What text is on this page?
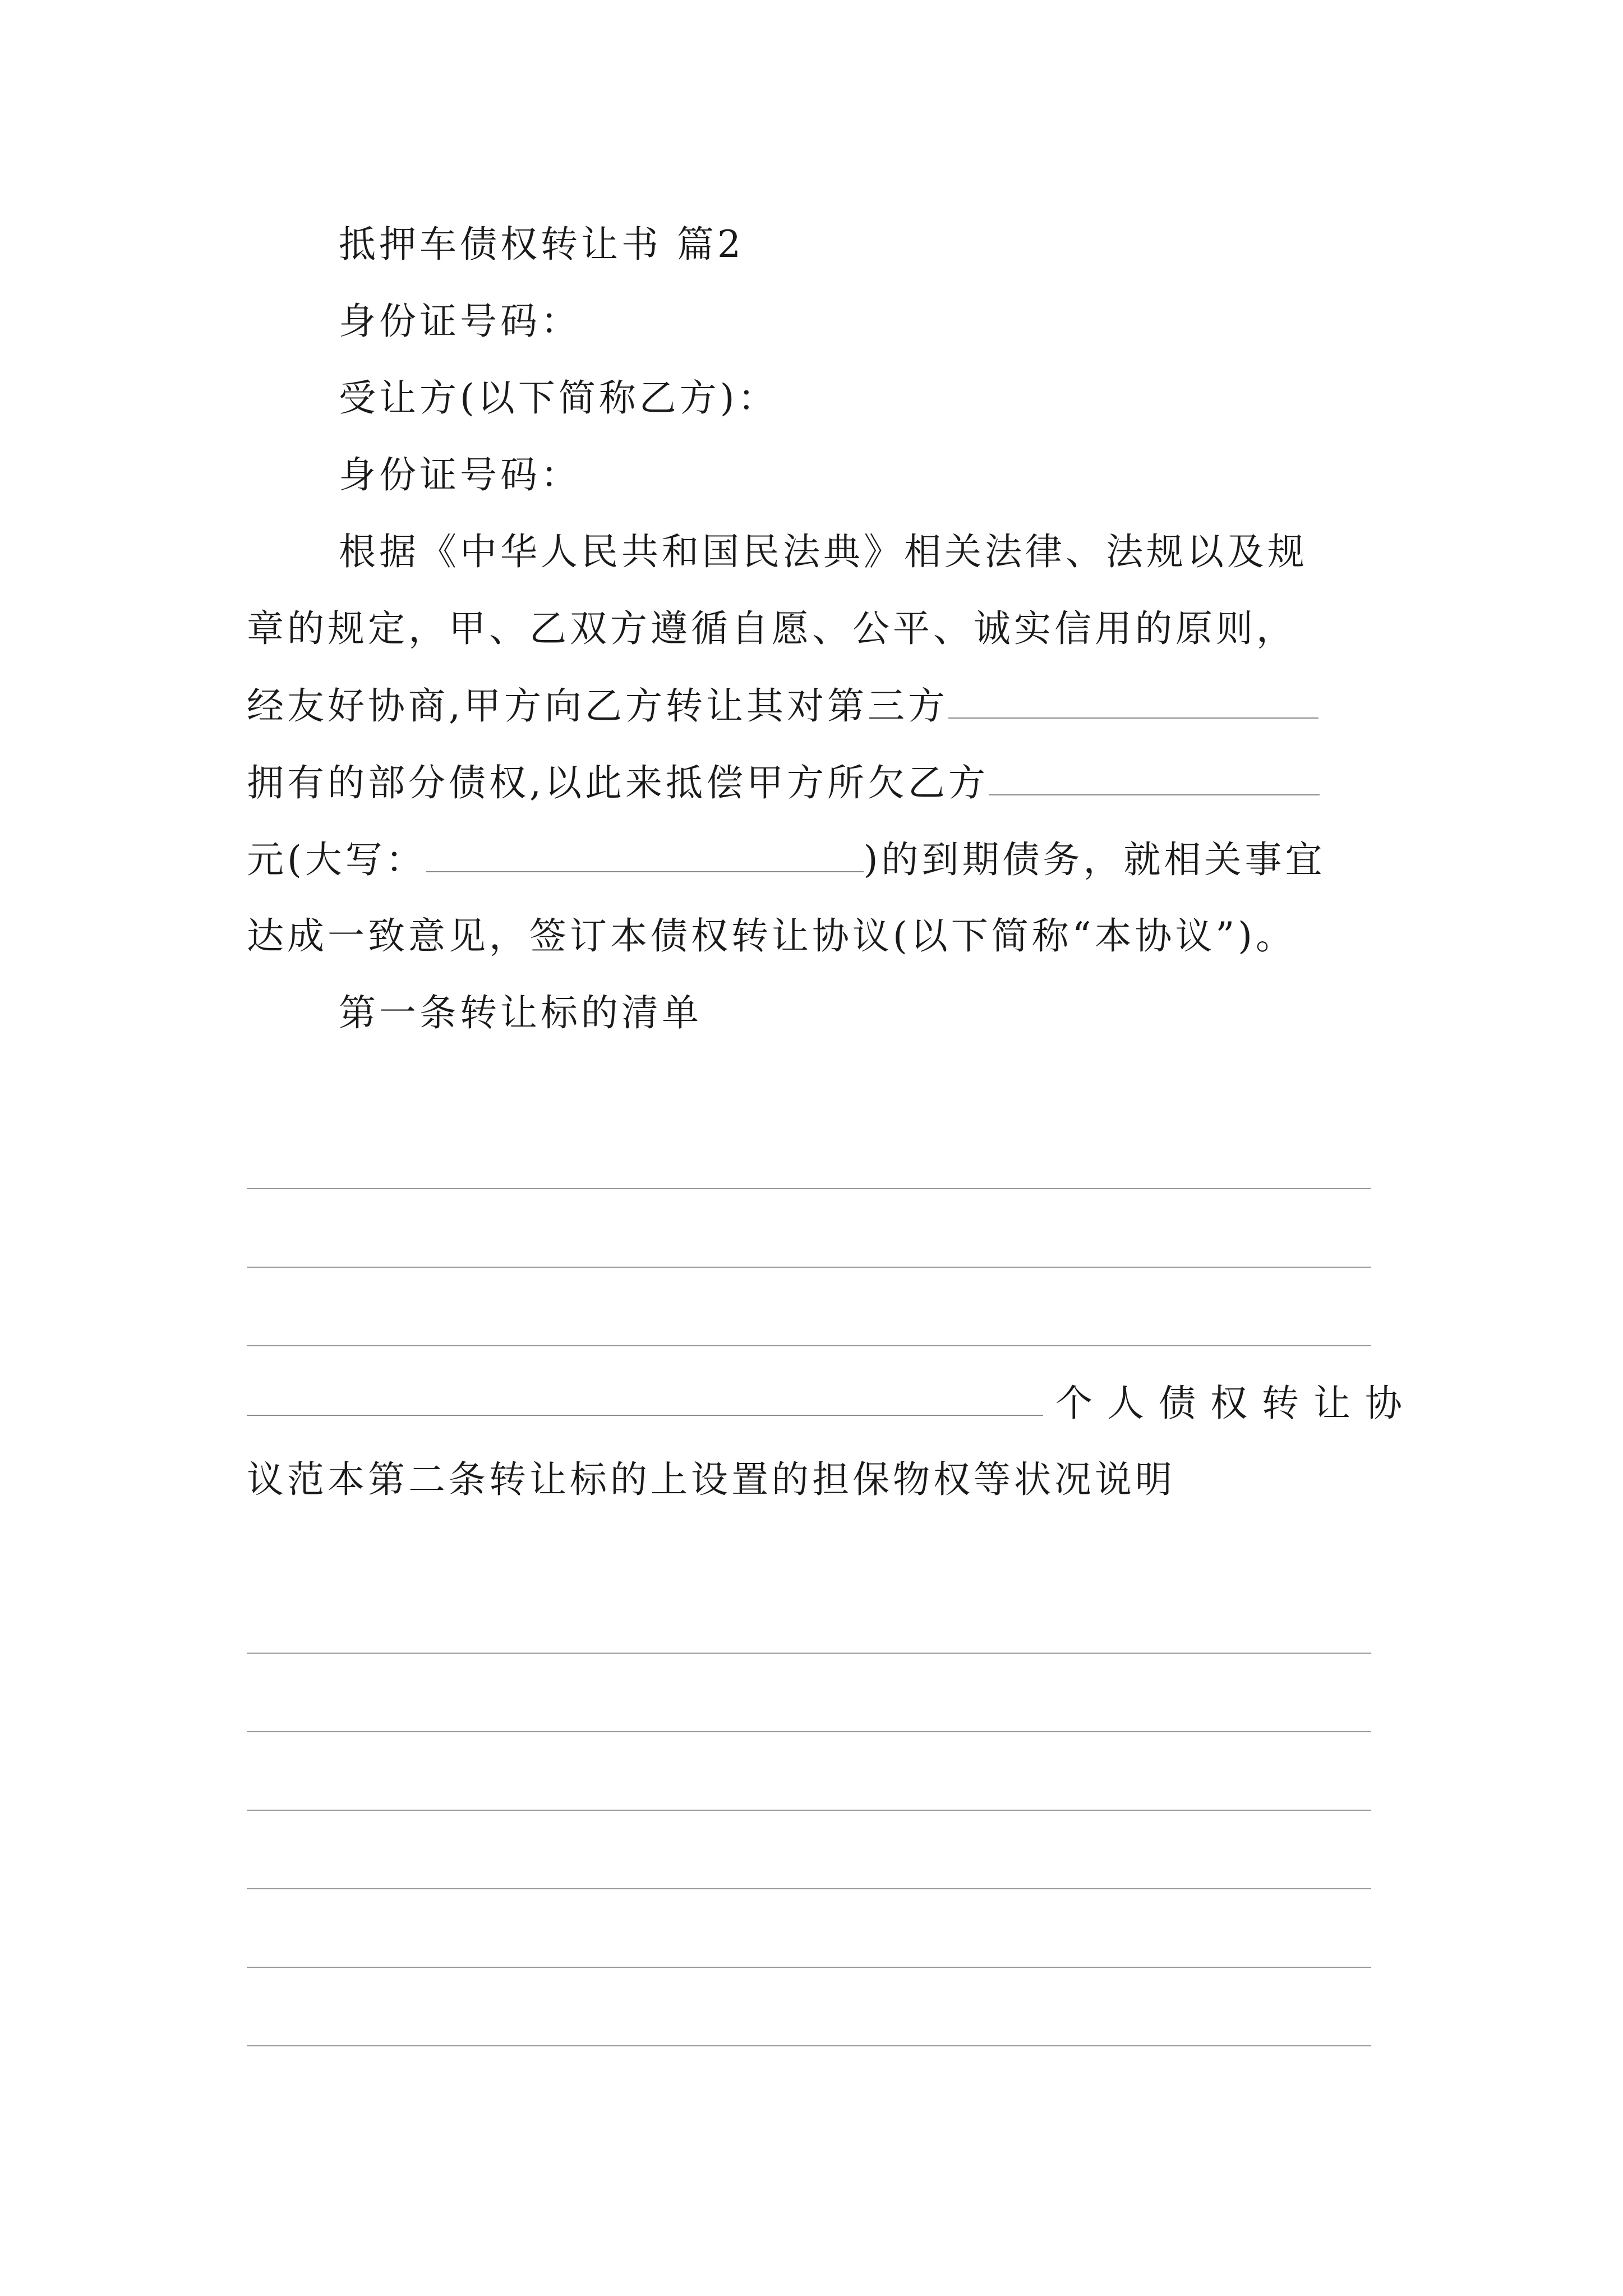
抵押车债权转让书 篇2
身份证号码：
受让方(以下简称乙方)：
身份证号码：
根据《中华人民共和国民法典》相关法律、法规以及规
章的规定，甲、乙双方遵循自愿、公平、诚实信用的原则，
经友好协商,甲方向乙方转让其对第三方
拥有的部分债权,以此来抵偿甲方所欠乙方
元(大写：	)的到期债务，就相关事宜
达成一致意见，签订本债权转让协议(以下简称“本协议”)。
第一条转让标的清单
个人债权转让协
议范本第二条转让标的上设置的担保物权等状况说明
